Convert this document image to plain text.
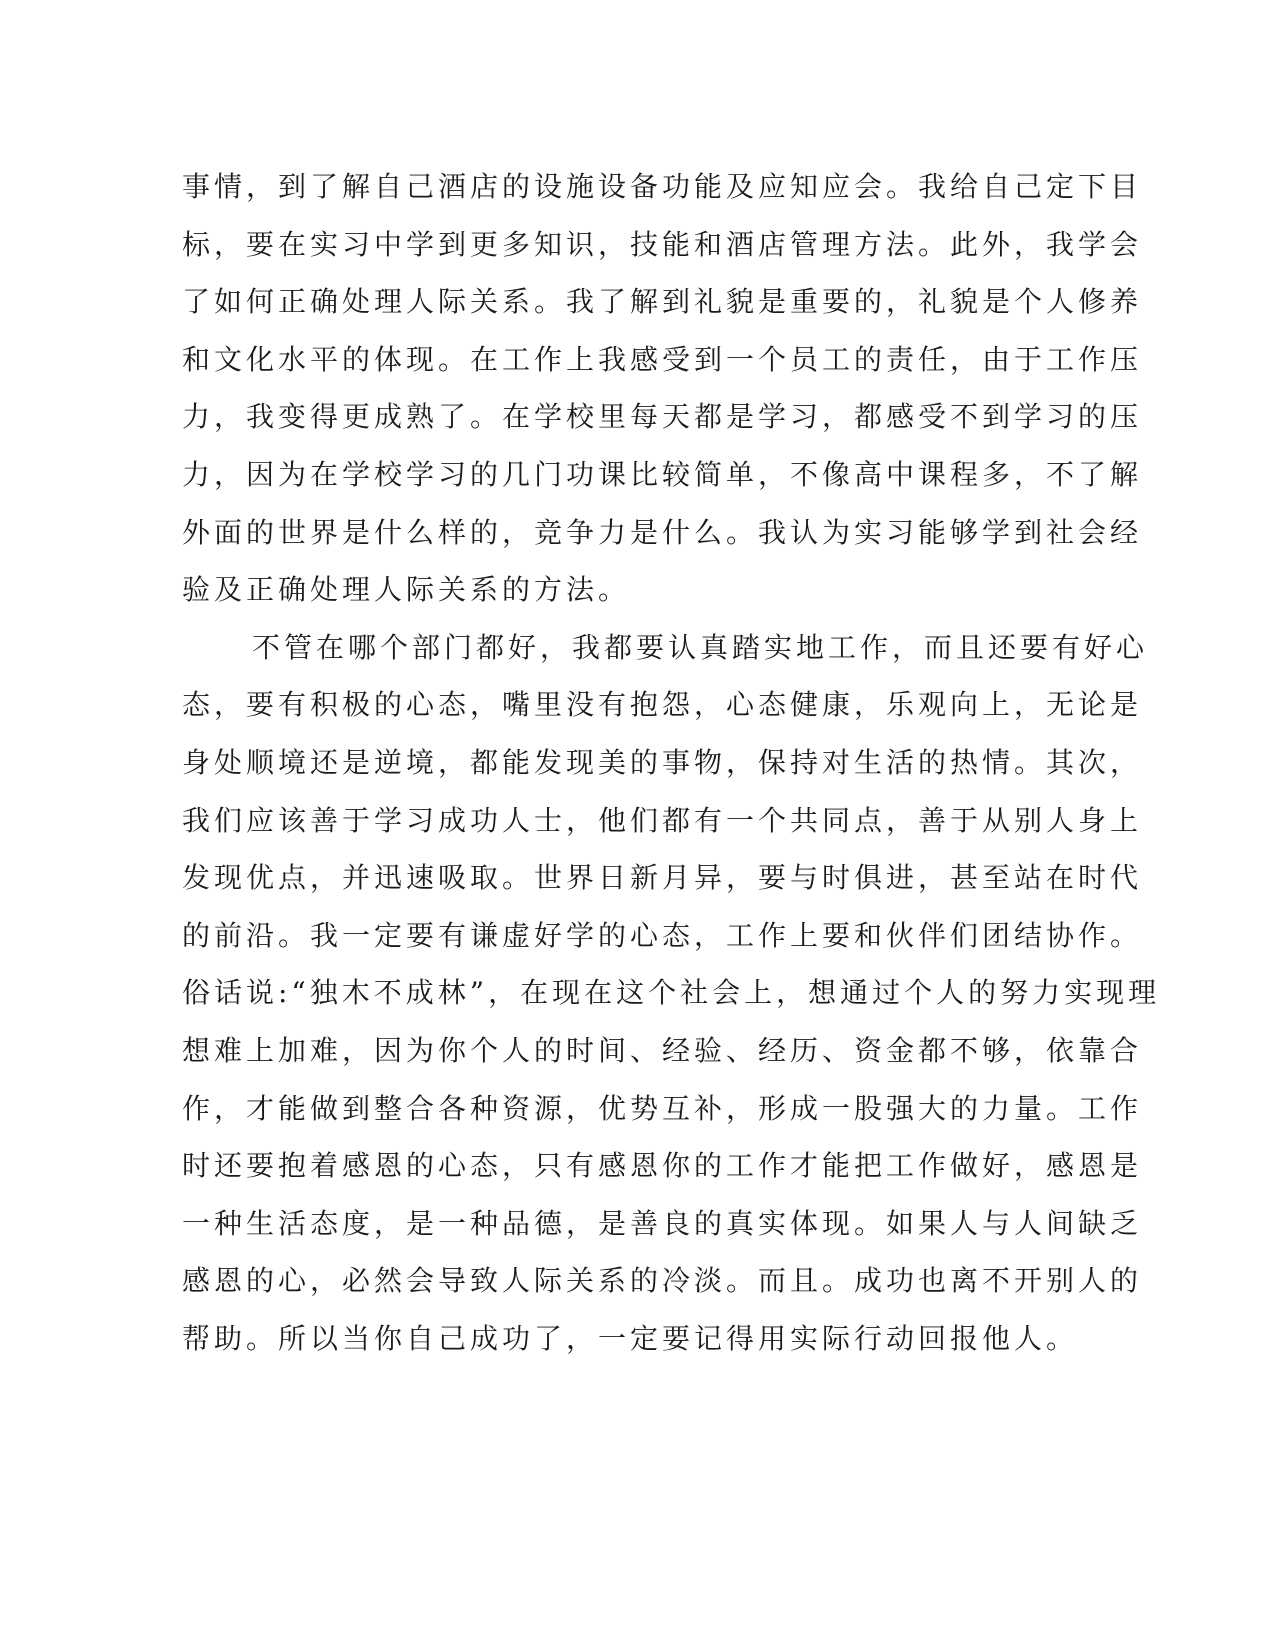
事情，到了解自己酒店的设施设备功能及应知应会。我给自己定下目
标，要在实习中学到更多知识，技能和酒店管理方法。此外，我学会
了如何正确处理人际关系。我了解到礼貌是重要的，礼貌是个人修养
和文化水平的体现。在工作上我感受到一个员工的责任，由于工作压
力，我变得更成熟了。在学校里每天都是学习，都感受不到学习的压
力，因为在学校学习的几门功课比较简单，不像高中课程多，不了解
外面的世界是什么样的，竞争力是什么。我认为实习能够学到社会经
验及正确处理人际关系的方法。
不管在哪个部门都好，我都要认真踏实地工作，而且还要有好心
态，要有积极的心态，嘴里没有抱怨，心态健康，乐观向上，无论是
身处顺境还是逆境，都能发现美的事物，保持对生活的热情。其次，
我们应该善于学习成功人士，他们都有一个共同点，善于从别人身上
发现优点，并迅速吸取。世界日新月异，要与时俱进，甚至站在时代
的前沿。我一定要有谦虚好学的心态，工作上要和伙伴们团结协作。
俗话说:“独木不成林”，在现在这个社会上，想通过个人的努力实现理
想难上加难，因为你个人的时间、经验、经历、资金都不够，依靠合
作，才能做到整合各种资源，优势互补，形成一股强大的力量。工作
时还要抱着感恩的心态，只有感恩你的工作才能把工作做好，感恩是
一种生活态度，是一种品德，是善良的真实体现。如果人与人间缺乏
感恩的心，必然会导致人际关系的冷淡。而且。成功也离不开别人的
帮助。所以当你自己成功了，一定要记得用实际行动回报他人。
